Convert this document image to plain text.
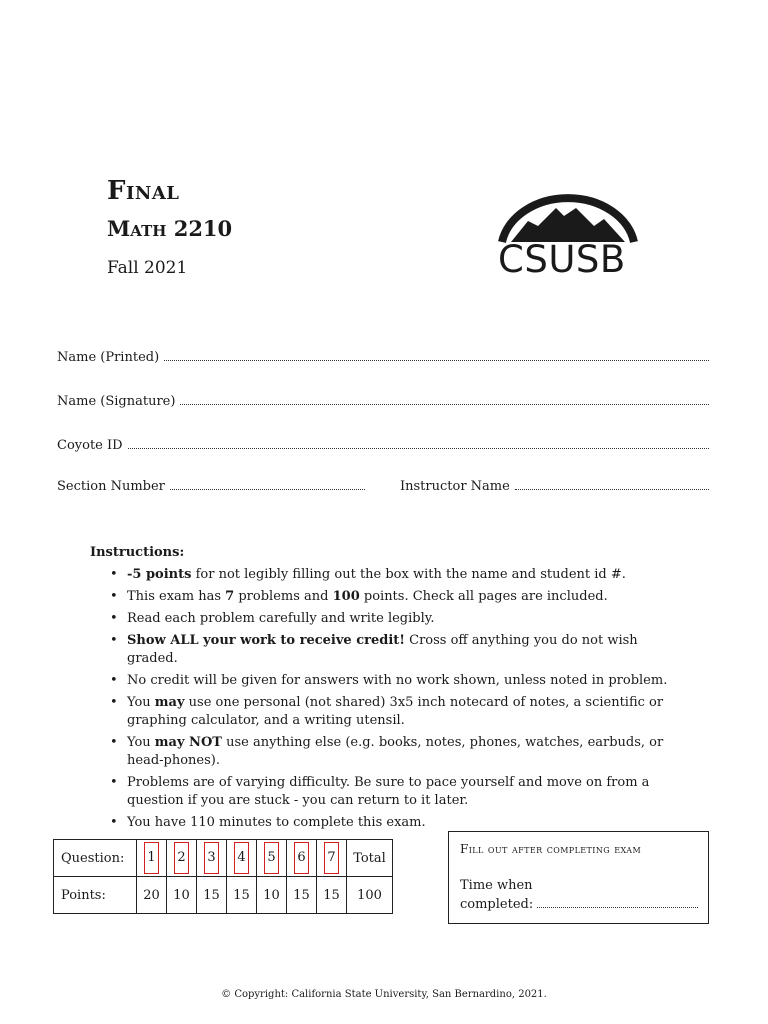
Final
Math 2210
Fall 2021	CSUSB
Name (Printed)
Name (Signature)
Coyote ID
Section Number	Instructor Name
Instructions:
• -5 points for not legibly filling out the box with the name and student id #.
• This exam has 7 problems and 100 points. Check all pages are included.
• Read each problem carefully and write legibly.
• Show ALL your work to receive credit! Cross off anything you do not wish graded.
• No credit will be given for answers with no work shown, unless noted in problem.
• You may use one personal (not shared) 3x5 inch notecard of notes, a scientific or graphing calculator, and a writing utensil.
• You may NOT use anything else (e.g. books, notes, phones, watches, earbuds, or head-phones).
• Problems are of varying difficulty. Be sure to pace yourself and move on from a question if you are stuck - you can return to it later.
• You have 110 minutes to complete this exam.
Question:	1	2	3	4	5	6	7	Total
Points:	20	10	15	15	10	15	15	100
Fill out after completing exam
Time when
completed:
© Copyright: California State University, San Bernardino, 2021.
